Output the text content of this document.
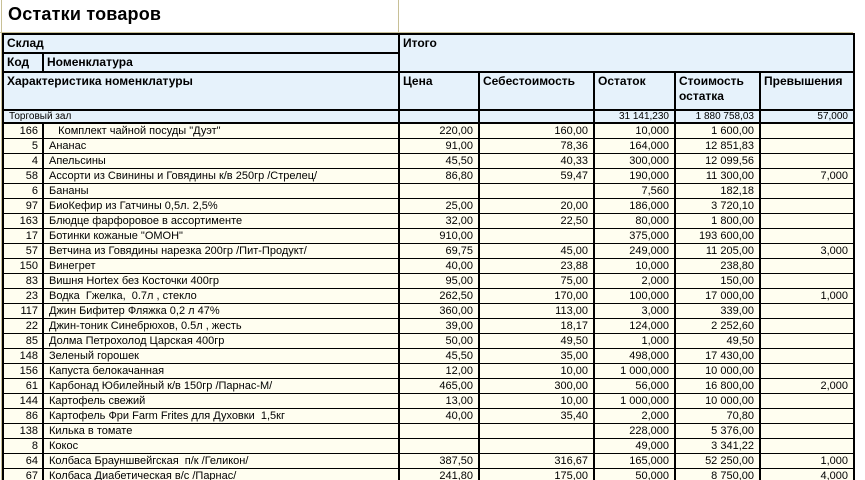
Остатки товаров
Склад		Итого				
Код	Номенклатура					
Характеристика номенклатуры		Цена	Себестоимость	Остаток	Стоимость остатка	Превышения
Торговый зал				31 141,230	1 880 758,03	57,000
166	Комплект чайной посуды "Дуэт"	220,00	160,00	10,000	1 600,00	
5	Ананас	91,00	78,36	164,000	12 851,83	
4	Апельсины	45,50	40,33	300,000	12 099,56	
58	Ассорти из Свинины и Говядины к/в 250гр /Стрелец/	86,80	59,47	190,000	11 300,00	7,000
6	Бананы			7,560	182,18	
97	БиоКефир из Гатчины 0,5л. 2,5%	25,00	20,00	186,000	3 720,10	
163	Блюдце фарфоровое в ассортименте	32,00	22,50	80,000	1 800,00	
17	Ботинки кожаные "ОМОН"	910,00		375,000	193 600,00	
57	Ветчина из Говядины нарезка 200гр /Пит-Продукт/	69,75	45,00	249,000	11 205,00	3,000
150	Винегрет	40,00	23,88	10,000	238,80	
83	Вишня Hortex без Косточки 400гр	95,00	75,00	2,000	150,00	
23	Водка  Гжелка,  0.7л , стекло	262,50	170,00	100,000	17 000,00	1,000
117	Джин Бифитер Фляжка 0,2 л 47%	360,00	113,00	3,000	339,00	
22	Джин-тоник Синебрюхов, 0.5л , жесть	39,00	18,17	124,000	2 252,60	
85	Долма Петрохолод Царская 400гр	50,00	49,50	1,000	49,50	
148	Зеленый горошек	45,50	35,00	498,000	17 430,00	
156	Капуста белокачанная	12,00	10,00	1 000,000	10 000,00	
61	Карбонад Юбилейный к/в 150гр /Парнас-М/	465,00	300,00	56,000	16 800,00	2,000
144	Картофель свежий	13,00	10,00	1 000,000	10 000,00	
86	Картофель Фри Farm Frites для Духовки  1,5кг	40,00	35,40	2,000	70,80	
138	Килька в томате			228,000	5 376,00	
8	Кокос			49,000	3 341,22	
64	Колбаса Брауншвейгская  п/к /Геликон/	387,50	316,67	165,000	52 250,00	1,000
67	Колбаса Диабетическая в/с /Парнас/	241,80	175,00	50,000	8 750,00	4,000
